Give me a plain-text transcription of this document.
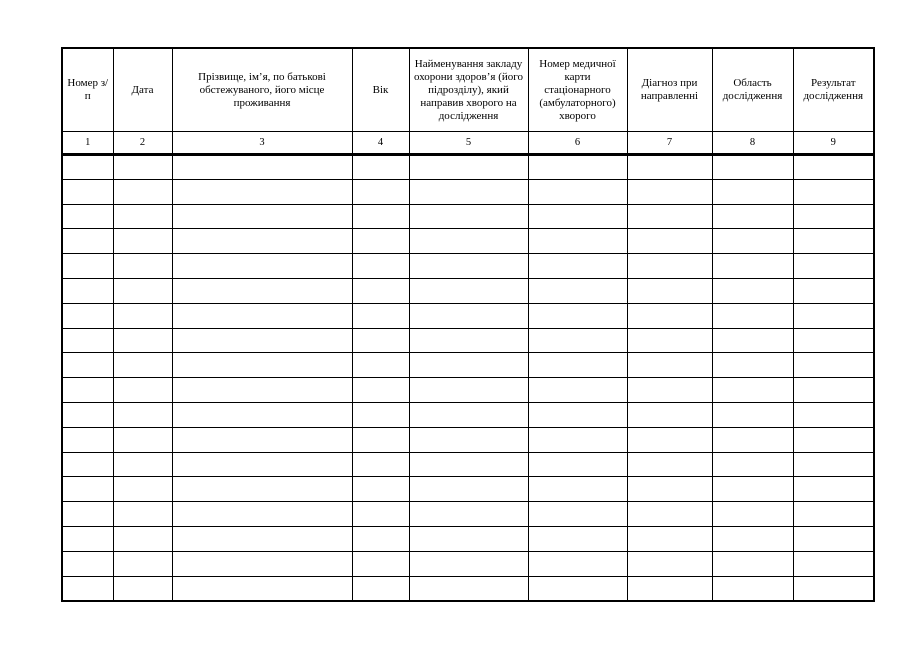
Номер з/п	Дата	Прізвище, ім’я, по батькові обстежуваного, його місце проживання	Вік	Найменування закладу охорони здоров’я (його підрозділу), який направив хворого на дослідження	Номер медичної карти стаціонарного (амбулаторного) хворого	Діагноз при направленні	Область дослідження	Результат дослідження
1	2	3	4	5	6	7	8	9
